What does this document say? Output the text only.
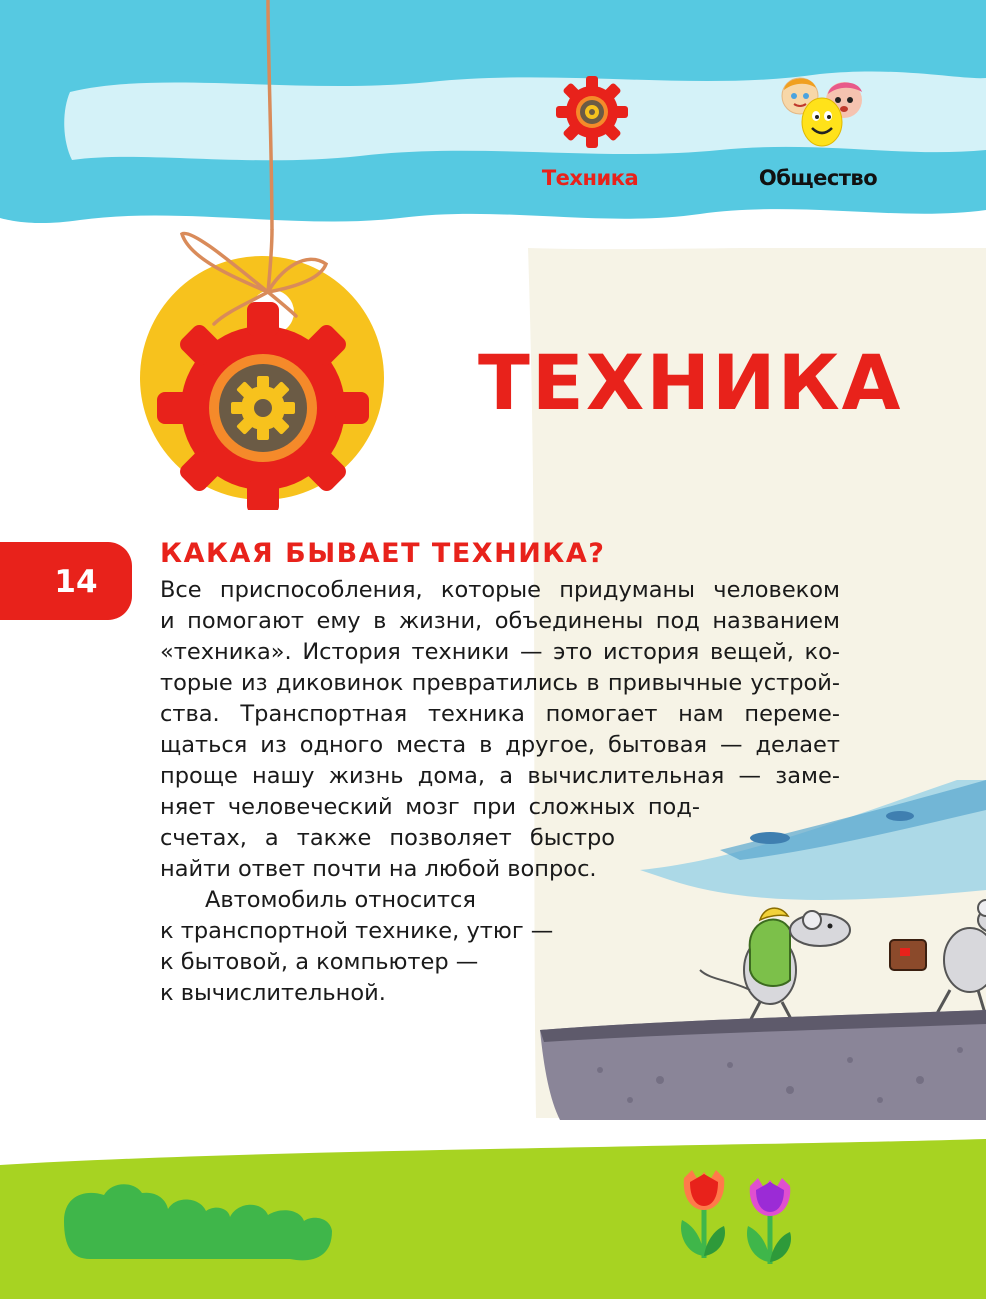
Техника	Общество
ТЕХНИКА
14
КАКАЯ БЫВАЕТ ТЕХНИКА?
Все приспособления, которые придуманы человеком
и помогают ему в жизни, объединены под названием
«техника». История техники — это история вещей, ко-
торые из диковинок превратились в привычные устрой-
ства. Транспортная техника помогает нам переме-
щаться из одного места в другое, бытовая — делает
проще нашу жизнь дома, а вычислительная — заме-
няет человеческий мозг при сложных под-
счетах, а также позволяет быстро
найти ответ почти на любой вопрос.
Автомобиль относится
к транспортной технике, утюг —
к бытовой, а компьютер —
к вычислительной.
